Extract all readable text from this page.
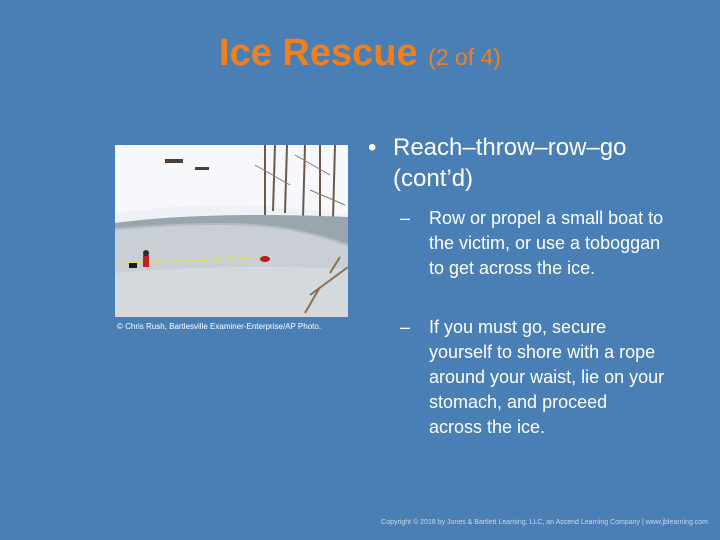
Ice Rescue (2 of 4)
© Chris Rush, Bartlesville Examiner-Enterprise/AP Photo.
• Reach–throw–row–go (cont’d)
–	Row or propel a small boat to the victim, or use a toboggan to get across the ice.
–	If you must go, secure yourself to shore with a rope around your waist, lie on your stomach, and proceed across the ice.
Copyright © 2018 by Jones & Bartlett Learning, LLC, an Ascend Learning Company | www.jblearning.com
